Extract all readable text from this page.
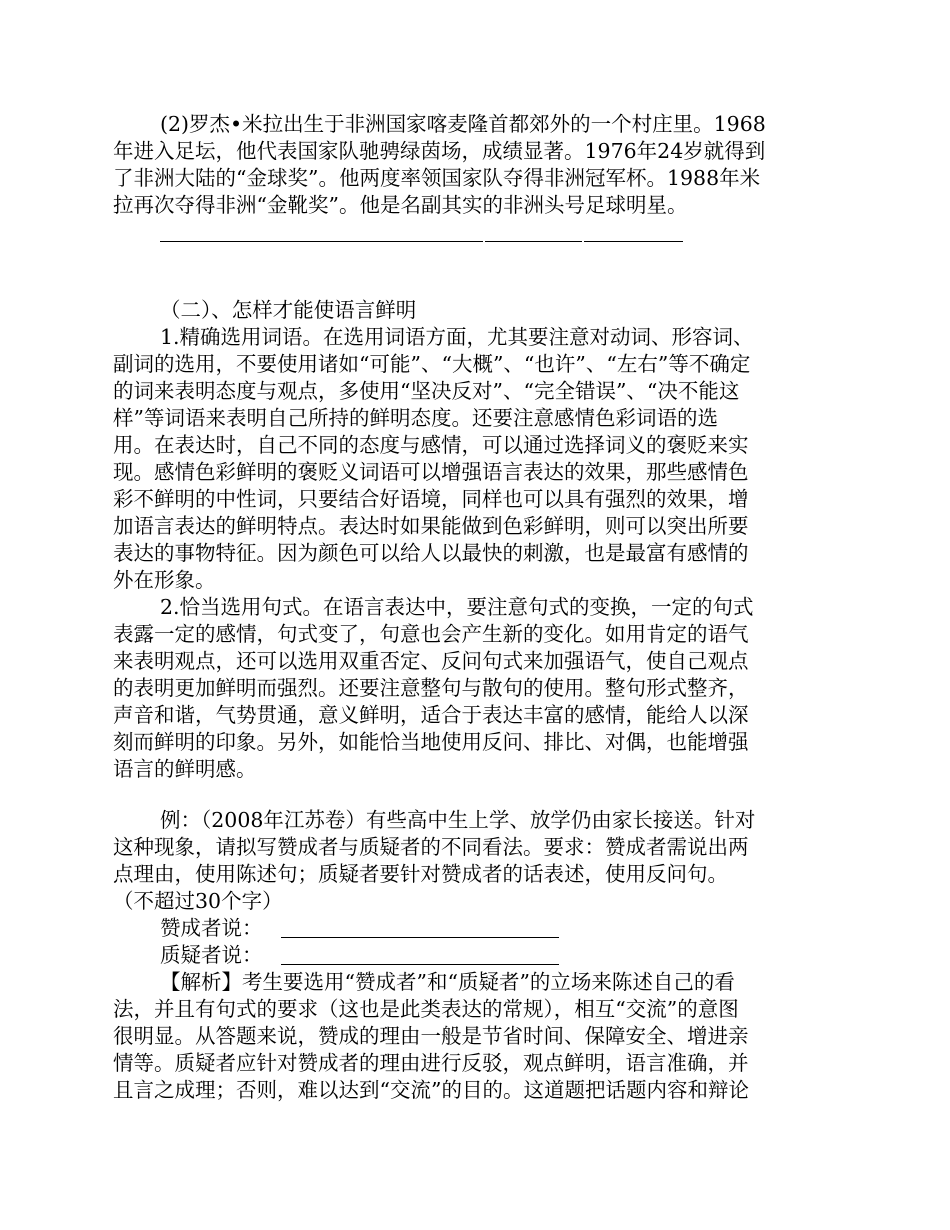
(2)罗杰•米拉出生于非洲国家喀麦隆首都郊外的一个村庄里。1968
年进入足坛，他代表国家队驰骋绿茵场，成绩显著。1976年24岁就得到
了非洲大陆的“金球奖”。他两度率领国家队夺得非洲冠军杯。1988年米
拉再次夺得非洲“金靴奖”。他是名副其实的非洲头号足球明星。
（二）、怎样才能使语言鲜明
1.精确选用词语。在选用词语方面，尤其要注意对动词、形容词、
副词的选用，不要使用诸如“可能”、“大概”、“也许”、“左右”等不确定
的词来表明态度与观点，多使用“坚决反对”、“完全错误”、“决不能这
样”等词语来表明自己所持的鲜明态度。还要注意感情色彩词语的选
用。在表达时，自己不同的态度与感情，可以通过选择词义的褒贬来实
现。感情色彩鲜明的褒贬义词语可以增强语言表达的效果，那些感情色
彩不鲜明的中性词，只要结合好语境，同样也可以具有强烈的效果，增
加语言表达的鲜明特点。表达时如果能做到色彩鲜明，则可以突出所要
表达的事物特征。因为颜色可以给人以最快的刺激，也是最富有感情的
外在形象。
2.恰当选用句式。在语言表达中，要注意句式的变换，一定的句式
表露一定的感情，句式变了，句意也会产生新的变化。如用肯定的语气
来表明观点，还可以选用双重否定、反问句式来加强语气，使自己观点
的表明更加鲜明而强烈。还要注意整句与散句的使用。整句形式整齐，
声音和谐，气势贯通，意义鲜明，适合于表达丰富的感情，能给人以深
刻而鲜明的印象。另外，如能恰当地使用反问、排比、对偶，也能增强
语言的鲜明感。
例：（2008年江苏卷）有些高中生上学、放学仍由家长接送。针对
这种现象，请拟写赞成者与质疑者的不同看法。要求：赞成者需说出两
点理由，使用陈述句；质疑者要针对赞成者的话表述，使用反问句。
（不超过30个字）
赞成者说：
质疑者说：
【解析】考生要选用“赞成者”和“质疑者”的立场来陈述自己的看
法，并且有句式的要求（这也是此类表达的常规），相互“交流”的意图
很明显。从答题来说，赞成的理由一般是节省时间、保障安全、增进亲
情等。质疑者应针对赞成者的理由进行反驳，观点鲜明，语言准确，并
且言之成理；否则，难以达到“交流”的目的。这道题把话题内容和辩论
